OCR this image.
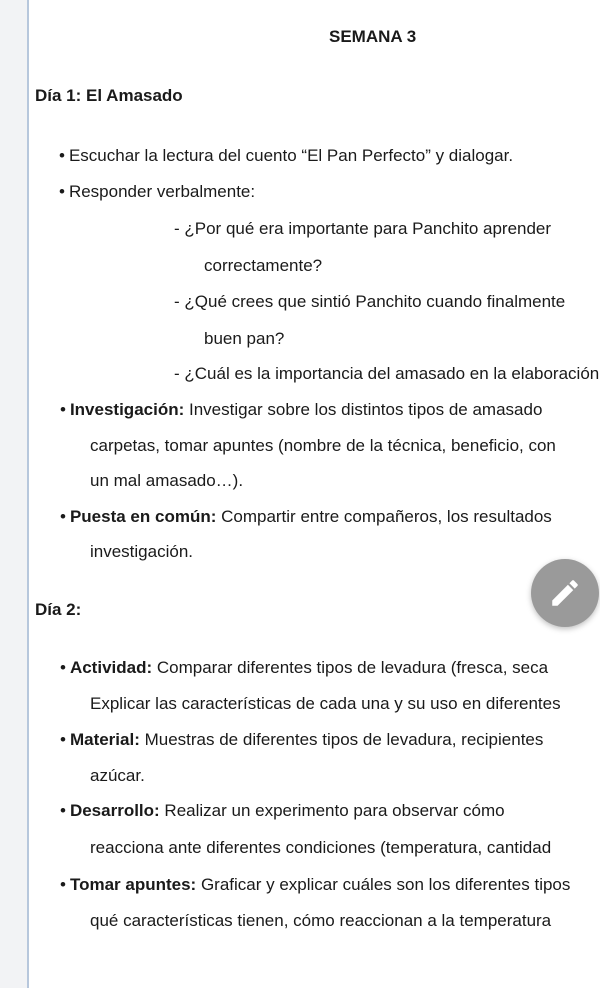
SEMANA 3
Día 1: El Amasado
• Escuchar la lectura del cuento “El Pan Perfecto” y dialogar.
• Responder verbalmente:
- ¿Por qué era importante para Panchito aprender
correctamente?
- ¿Qué crees que sintió Panchito cuando finalmente
buen pan?
- ¿Cuál es la importancia del amasado en la elaboración
• Investigación: Investigar sobre los distintos tipos de amasado
carpetas, tomar apuntes (nombre de la técnica, beneficio, con
un mal amasado…).
• Puesta en común: Compartir entre compañeros, los resultados
investigación.
Día 2:
• Actividad: Comparar diferentes tipos de levadura (fresca, seca
Explicar las características de cada una y su uso en diferentes
• Material: Muestras de diferentes tipos de levadura, recipientes
azúcar.
• Desarrollo: Realizar un experimento para observar cómo
reacciona ante diferentes condiciones (temperatura, cantidad
• Tomar apuntes: Graficar y explicar cuáles son los diferentes tipos
qué características tienen, cómo reaccionan a la temperatura
